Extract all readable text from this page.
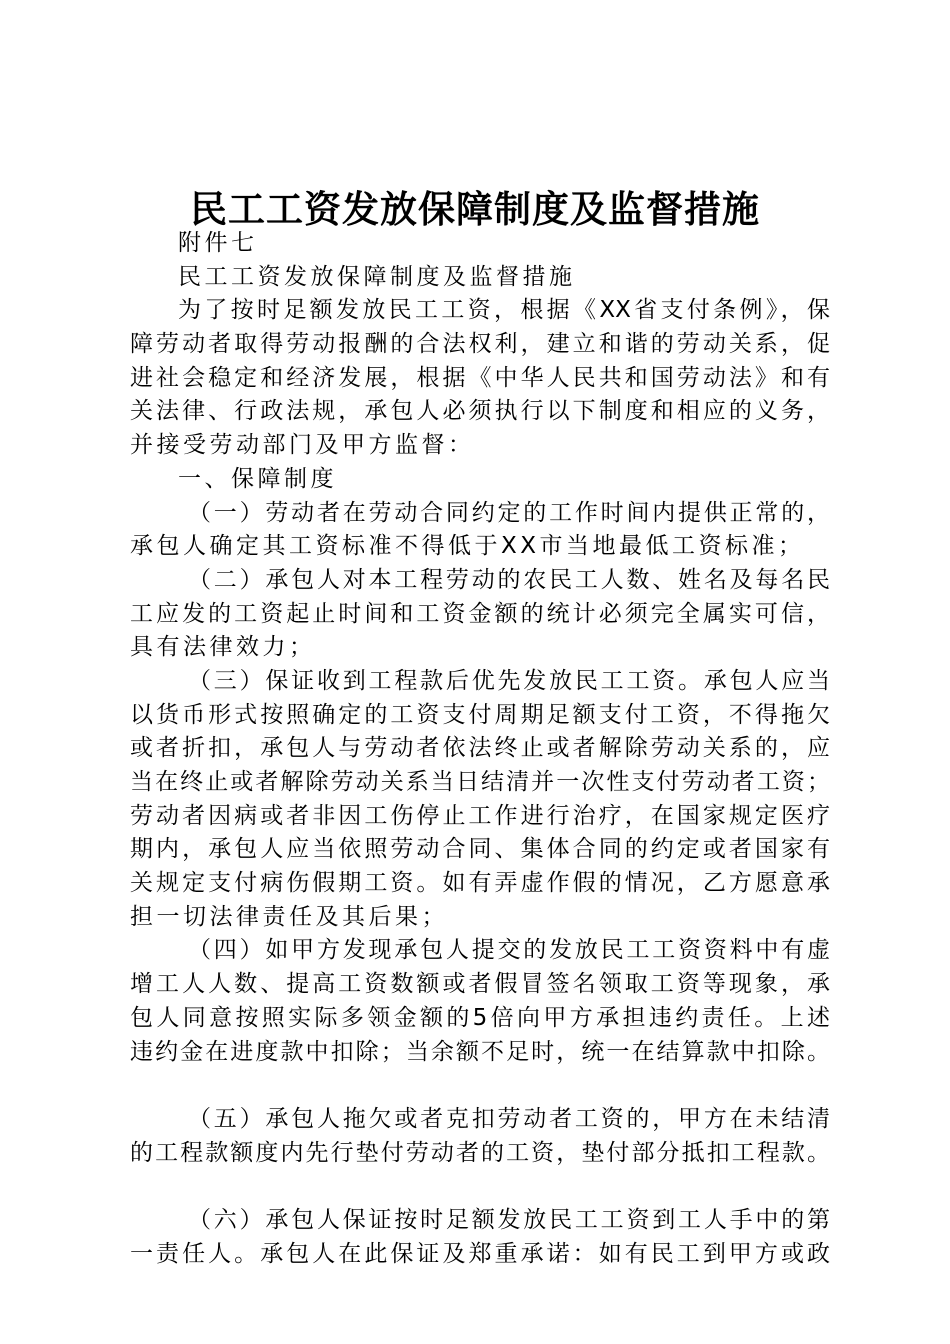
民工工资发放保障制度及监督措施
附件七
民工工资发放保障制度及监督措施
为了按时足额发放民工工资，根据《XX省支付条例》，保
障劳动者取得劳动报酬的合法权利，建立和谐的劳动关系，促
进社会稳定和经济发展，根据《中华人民共和国劳动法》和有
关法律、行政法规，承包人必须执行以下制度和相应的义务，
并接受劳动部门及甲方监督：
一、保障制度
（一）劳动者在劳动合同约定的工作时间内提供正常的，
承包人确定其工资标准不得低于XX市当地最低工资标准；
（二）承包人对本工程劳动的农民工人数、姓名及每名民
工应发的工资起止时间和工资金额的统计必须完全属实可信，
具有法律效力；
（三）保证收到工程款后优先发放民工工资。承包人应当
以货币形式按照确定的工资支付周期足额支付工资，不得拖欠
或者折扣，承包人与劳动者依法终止或者解除劳动关系的，应
当在终止或者解除劳动关系当日结清并一次性支付劳动者工资；
劳动者因病或者非因工伤停止工作进行治疗，在国家规定医疗
期内，承包人应当依照劳动合同、集体合同的约定或者国家有
关规定支付病伤假期工资。如有弄虚作假的情况，乙方愿意承
担一切法律责任及其后果；
（四）如甲方发现承包人提交的发放民工工资资料中有虚
增工人人数、提高工资数额或者假冒签名领取工资等现象，承
包人同意按照实际多领金额的5倍向甲方承担违约责任。上述
违约金在进度款中扣除；当余额不足时，统一在结算款中扣除。
（五）承包人拖欠或者克扣劳动者工资的，甲方在未结清
的工程款额度内先行垫付劳动者的工资，垫付部分抵扣工程款。
（六）承包人保证按时足额发放民工工资到工人手中的第
一责任人。承包人在此保证及郑重承诺：如有民工到甲方或政
